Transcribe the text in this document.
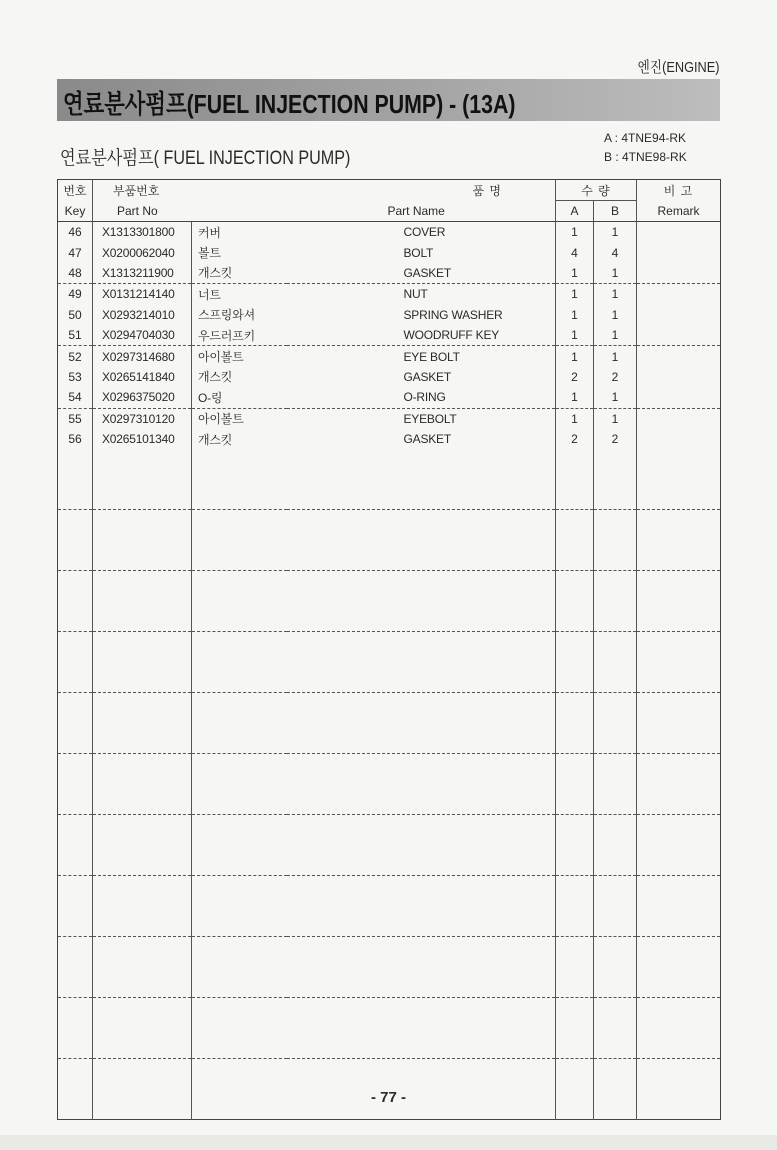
엔진(ENGINE)
연료분사펌프(FUEL INJECTION PUMP) - (13A)
연료분사펌프( FUEL INJECTION PUMP)
A : 4TNE94-RK
B : 4TNE98-RK
번호	부품번호		품 명	수 량		비 고
Key	Part No		Part Name	A	B	Remark
46	X1313301800	커버	COVER	1	1	
47	X0200062040	볼트	BOLT	4	4	
48	X1313211900	개스킷	GASKET	1	1	
49	X0131214140	너트	NUT	1	1	
50	X0293214010	스프링와셔	SPRING WASHER	1	1	
51	X0294704030	우드러프키	WOODRUFF KEY	1	1	
52	X0297314680	아이볼트	EYE BOLT	1	1	
53	X0265141840	개스킷	GASKET	2	2	
54	X0296375020	O-링	O-RING	1	1	
55	X0297310120	아이볼트	EYEBOLT	1	1	
56	X0265101340	개스킷	GASKET	2	2	

- 77 -
